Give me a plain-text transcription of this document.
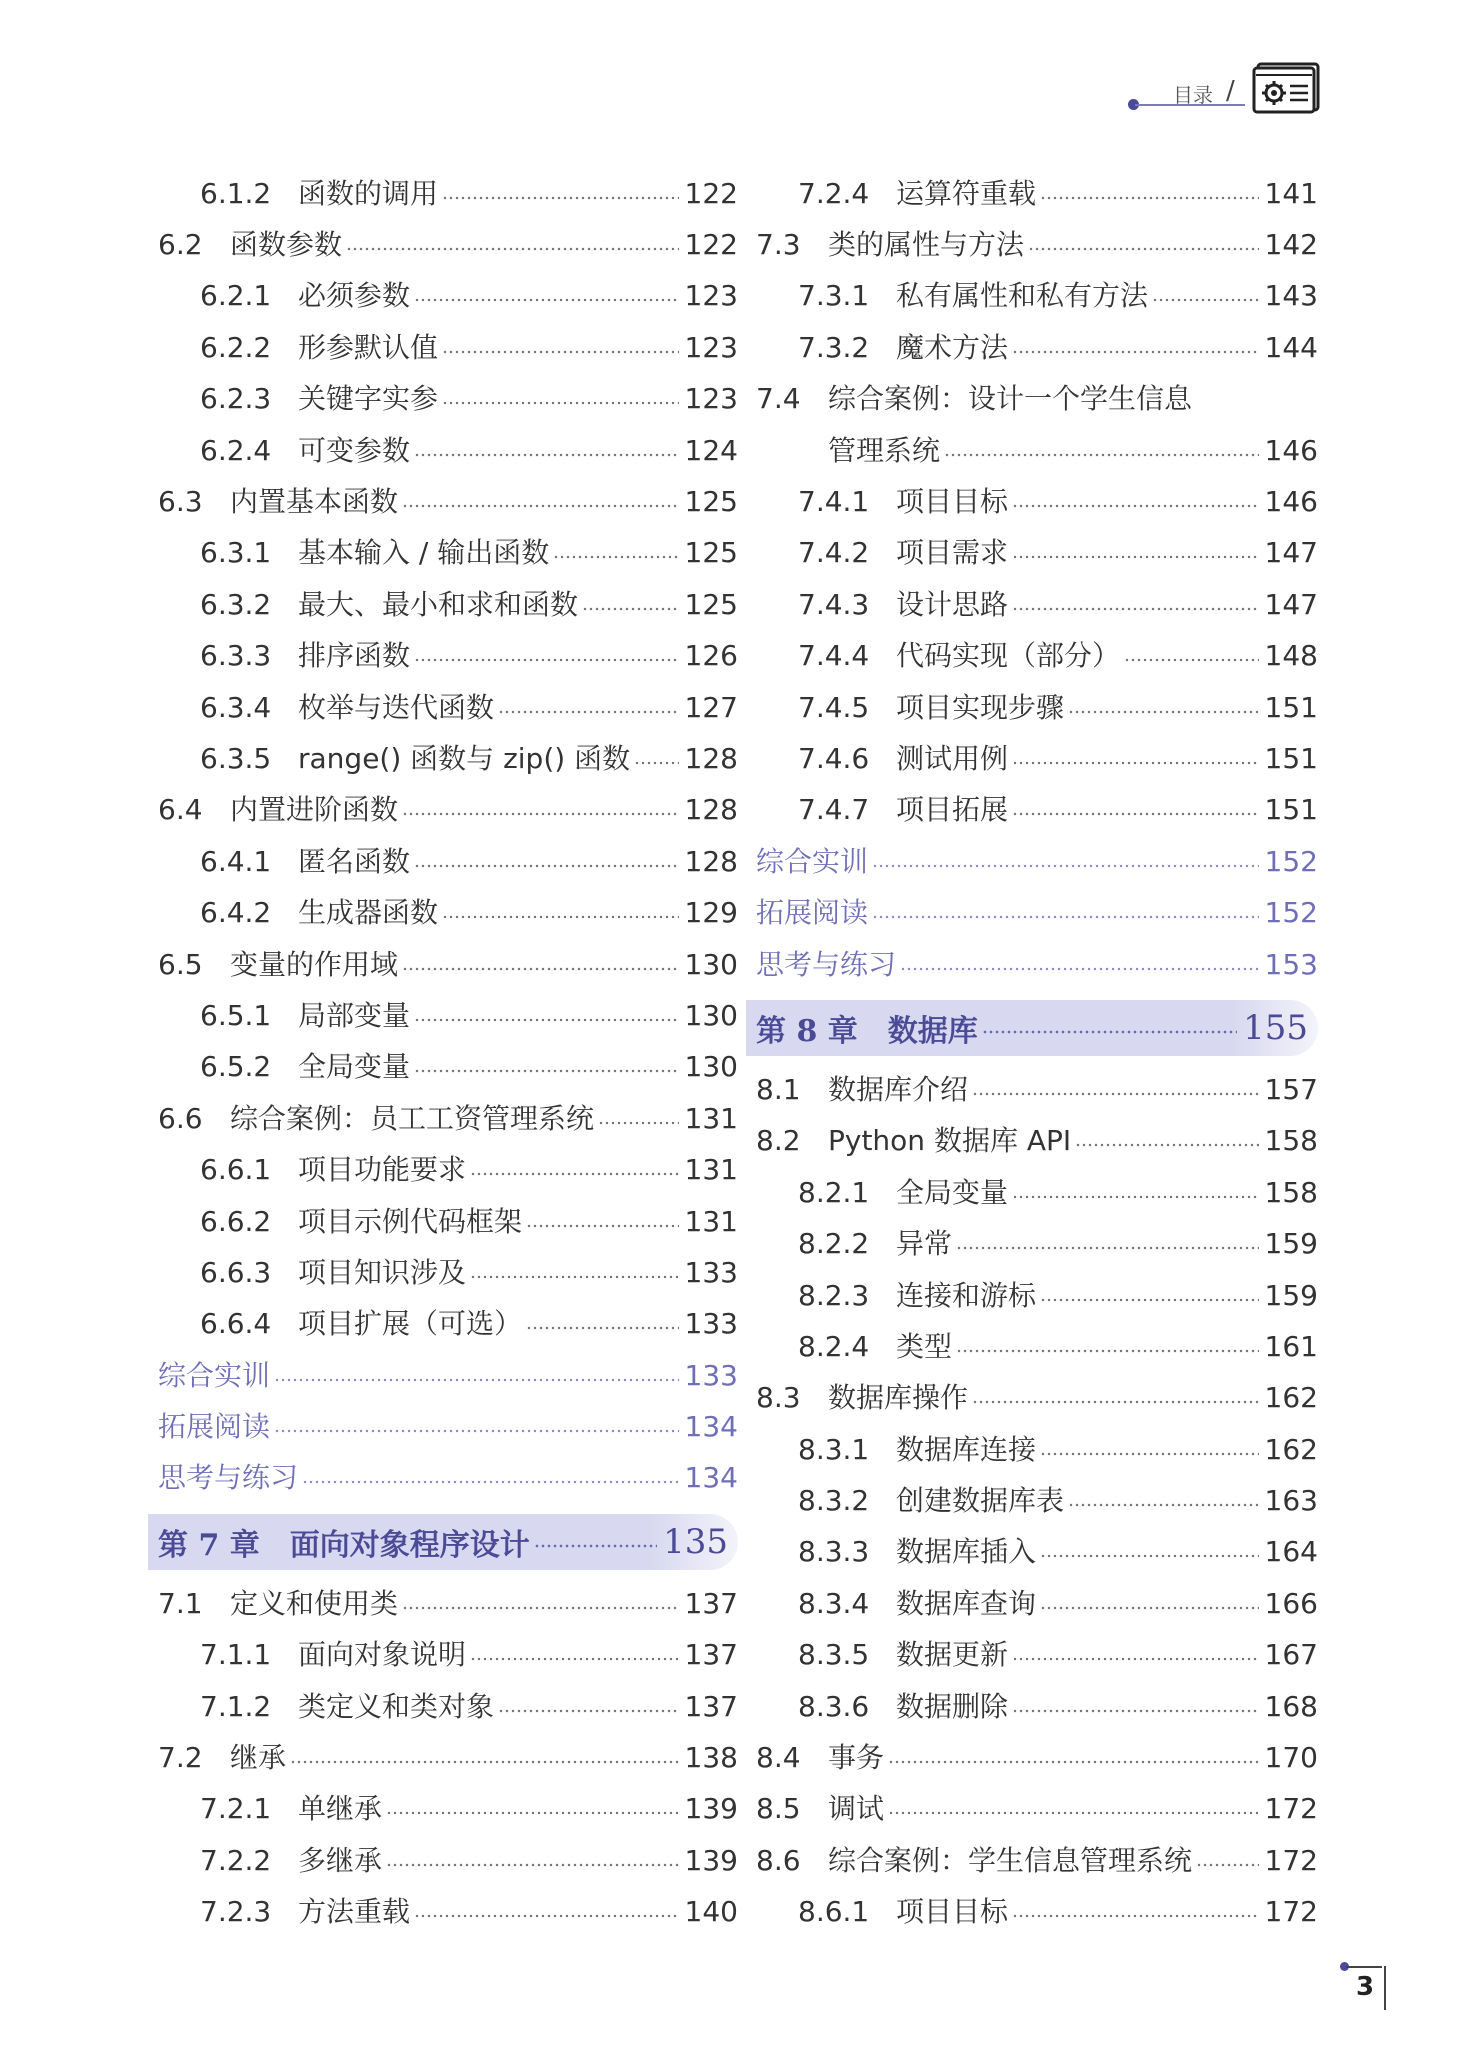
目录 /
6.1.2 函数的调用	122
6.2 函数参数	122
6.2.1 必须参数	123
6.2.2 形参默认值	123
6.2.3 关键字实参	123
6.2.4 可变参数	124
6.3 内置基本函数	125
6.3.1 基本输入 / 输出函数	125
6.3.2 最大、最小和求和函数	125
6.3.3 排序函数	126
6.3.4 枚举与迭代函数	127
6.3.5 range() 函数与 zip() 函数 128
6.4 内置进阶函数	128
6.4.1 匿名函数	128
6.4.2 生成器函数	129
6.5 变量的作用域	130
6.5.1 局部变量	130
6.5.2 全局变量	130
6.6 综合案例：员工工资管理系统	131
6.6.1 项目功能要求	131
6.6.2 项目示例代码框架	131
6.6.3 项目知识涉及	133
6.6.4 项目扩展（可选）	133
综合实训	133
拓展阅读	134
思考与练习	134
第 7 章 面向对象程序设计	135
7.1 定义和使用类	137
7.1.1 面向对象说明	137
7.1.2 类定义和类对象	137
7.2 继承	138
7.2.1 单继承	139
7.2.2 多继承	139
7.2.3 方法重载	140
7.2.4 运算符重载	141
7.3 类的属性与方法	142
7.3.1 私有属性和私有方法	143
7.3.2 魔术方法	144
7.4 综合案例：设计一个学生信息
管理系统	146
7.4.1 项目目标	146
7.4.2 项目需求	147
7.4.3 设计思路	147
7.4.4 代码实现（部分）	148
7.4.5 项目实现步骤	151
7.4.6 测试用例	151
7.4.7 项目拓展	151
综合实训	152
拓展阅读	152
思考与练习	153
第 8 章 数据库	155
8.1 数据库介绍	157
8.2 Python 数据库 API	158
8.2.1 全局变量	158
8.2.2 异常	159
8.2.3 连接和游标	159
8.2.4 类型	161
8.3 数据库操作	162
8.3.1 数据库连接	162
8.3.2 创建数据库表	163
8.3.3 数据库插入	164
8.3.4 数据库查询	166
8.3.5 数据更新	167
8.3.6 数据删除	168
8.4 事务	170
8.5 调试	172
8.6 综合案例：学生信息管理系统	172
8.6.1 项目目标	172
3
